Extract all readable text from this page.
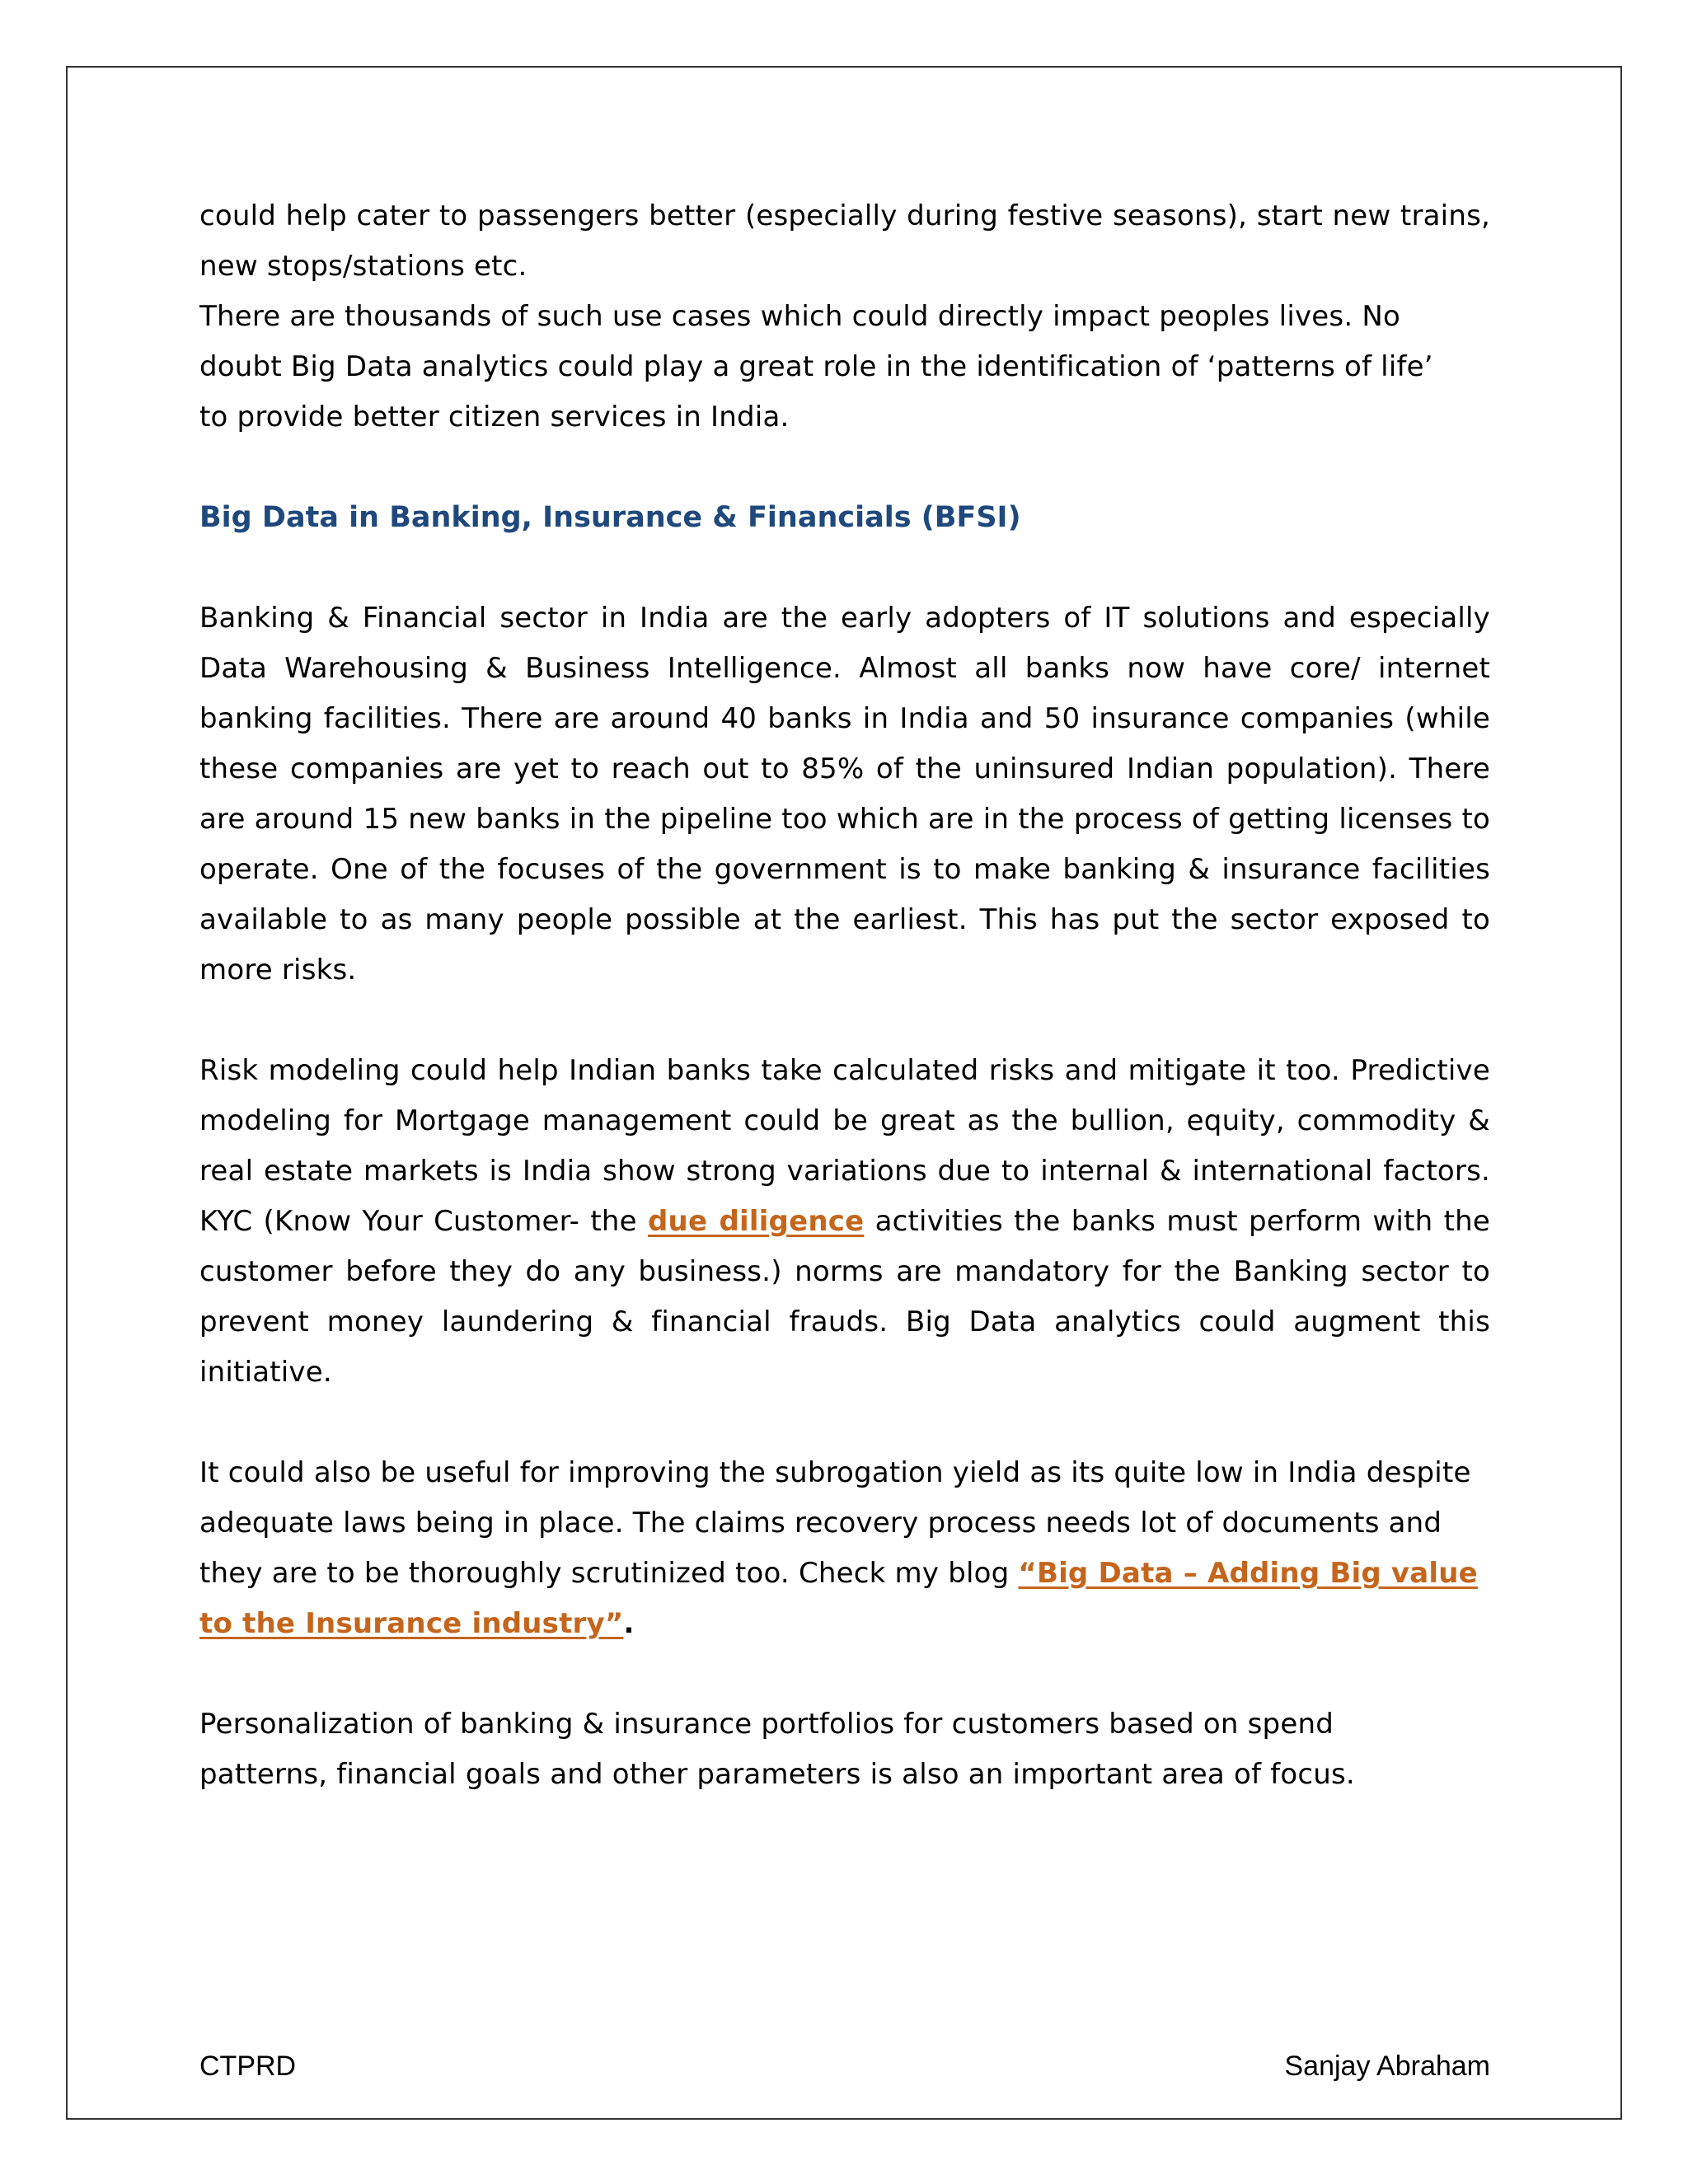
could help cater to passengers better (especially during festive seasons), start new trains, new stops/stations etc.

There are thousands of such use cases which could directly impact peoples lives. No doubt Big Data analytics could play a great role in the identification of ‘patterns of life’ to provide better citizen services in India.

Big Data in Banking, Insurance & Financials (BFSI)

Banking & Financial sector in India are the early adopters of IT solutions and especially Data Warehousing & Business Intelligence. Almost all banks now have core/ internet banking facilities. There are around 40 banks in India and 50 insurance companies (while these companies are yet to reach out to 85% of the uninsured Indian population). There are around 15 new banks in the pipeline too which are in the process of getting licenses to operate. One of the focuses of the government is to make banking & insurance facilities available to as many people possible at the earliest. This has put the sector exposed to more risks.

Risk modeling could help Indian banks take calculated risks and mitigate it too. Predictive modeling for Mortgage management could be great as the bullion, equity, commodity & real estate markets is India show strong variations due to internal & international factors. KYC (Know Your Customer- the due diligence activities the banks must perform with the customer before they do any business.) norms are mandatory for the Banking sector to prevent money laundering & financial frauds. Big Data analytics could augment this initiative.

It could also be useful for improving the subrogation yield as its quite low in India despite adequate laws being in place. The claims recovery process needs lot of documents and they are to be thoroughly scrutinized too. Check my blog “Big Data – Adding Big value to the Insurance industry”.

Personalization of banking & insurance portfolios for customers based on spend patterns, financial goals and other parameters is also an important area of focus.

CTPRD	Sanjay Abraham
